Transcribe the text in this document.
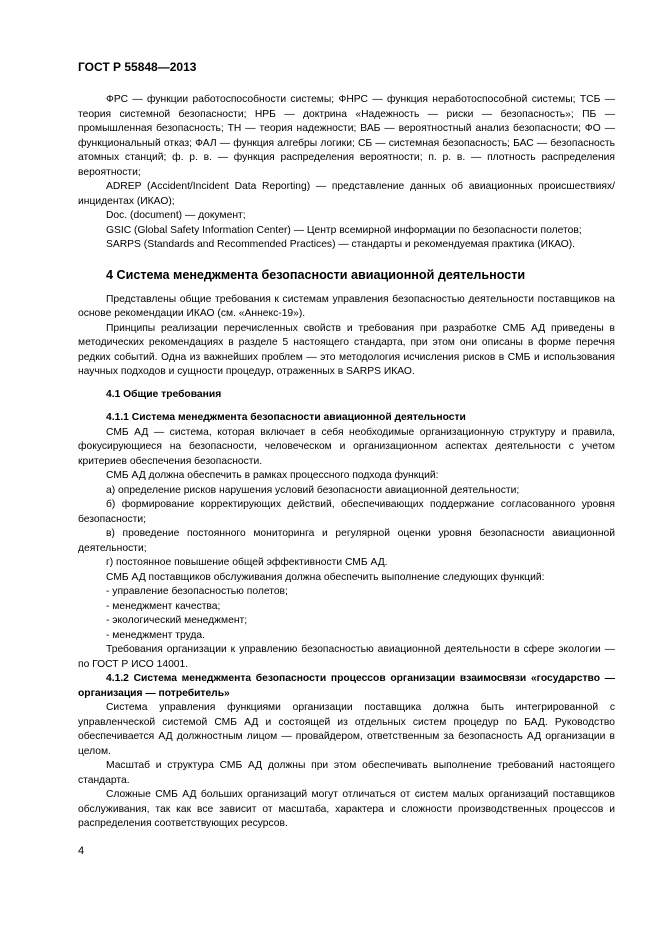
ГОСТ Р 55848—2013

ФРС — функции работоспособности системы; ФНРС — функция неработоспособной системы; ТСБ — теория системной безопасности; НРБ — доктрина «Надежность — риски — безопасность»; ПБ — промышленная безопасность; ТН — теория надежности; ВАБ — вероятностный анализ безопасности; ФО — функциональный отказ; ФАЛ — функция алгебры логики; СБ — системная безопасность; БАС — безопасность атомных станций; ф. р. в. — функция распределения вероятности; п. р. в. — плотность распределения вероятности;

ADREP (Accident/Incident Data Reporting) — представление данных об авиационных происшествиях/инцидентах (ИКАО);

Doc. (document) — документ;

GSIC (Global Safety Information Center) — Центр всемирной информации по безопасности полетов;

SARPS (Standards and Recommended Practices) — стандарты и рекомендуемая практика (ИКАО).

4 Система менеджмента безопасности авиационной деятельности

Представлены общие требования к системам управления безопасностью деятельности поставщиков на основе рекомендации ИКАО (см. «Аннекс-19»).

Принципы реализации перечисленных свойств и требования при разработке СМБ АД приведены в методических рекомендациях в разделе 5 настоящего стандарта, при этом они описаны в форме перечня редких событий. Одна из важнейших проблем — это методология исчисления рисков в СМБ и использования научных подходов и сущности процедур, отраженных в SARPS ИКАО.

4.1 Общие требования

4.1.1 Система менеджмента безопасности авиационной деятельности

СМБ АД — система, которая включает в себя необходимые организационную структуру и правила, фокусирующиеся на безопасности, человеческом и организационном аспектах деятельности с учетом критериев обеспечения безопасности.

СМБ АД должна обеспечить в рамках процессного подхода функций:

а) определение рисков нарушения условий безопасности авиационной деятельности;

б) формирование корректирующих действий, обеспечивающих поддержание согласованного уровня безопасности;

в) проведение постоянного мониторинга и регулярной оценки уровня безопасности авиационной деятельности;

г) постоянное повышение общей эффективности СМБ АД.

СМБ АД поставщиков обслуживания должна обеспечить выполнение следующих функций:

- управление безопасностью полетов;

- менеджмент качества;

- экологический менеджмент;

- менеджмент труда.

Требования организации к управлению безопасностью авиационной деятельности в сфере экологии — по ГОСТ Р ИСО 14001.

4.1.2 Система менеджмента безопасности процессов организации взаимосвязи «государство — организация — потребитель»

Система управления функциями организации поставщика должна быть интегрированной с управленческой системой СМБ АД и состоящей из отдельных систем процедур по БАД. Руководство обеспечивается АД должностным лицом — провайдером, ответственным за безопасность АД организации в целом.

Масштаб и структура СМБ АД должны при этом обеспечивать выполнение требований настоящего стандарта.

Сложные СМБ АД больших организаций могут отличаться от систем малых организаций поставщиков обслуживания, так как все зависит от масштаба, характера и сложности производственных процессов и распределения соответствующих ресурсов.

4
